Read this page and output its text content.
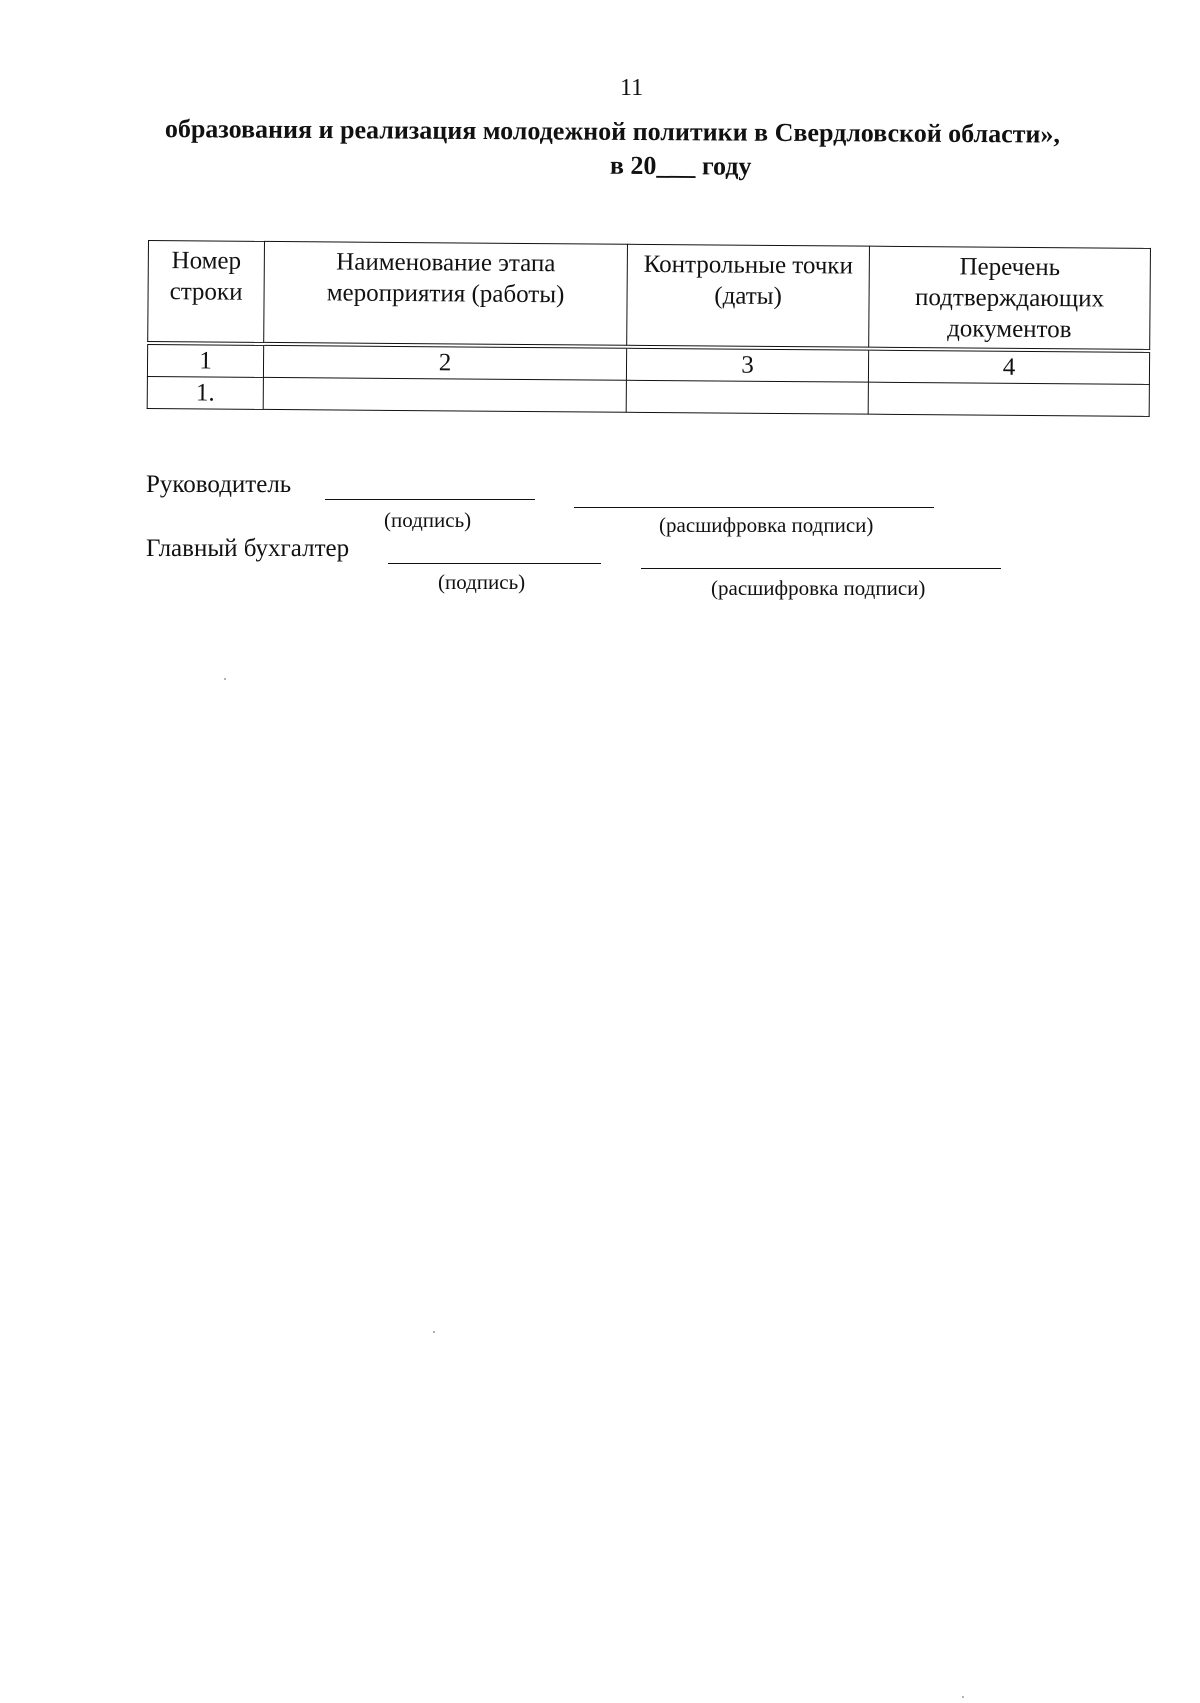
11
образования и реализация молодежной политики в Свердловской области»,
в 20___ году
Номер строки	Наименование этапа мероприятия (работы)	Контрольные точки (даты)	Перечень подтверждающих документов

1	2	3	4
1.			
Руководитель
(подпись)	(расшифровка подписи)
Главный бухгалтер
(подпись)	(расшифровка подписи)
